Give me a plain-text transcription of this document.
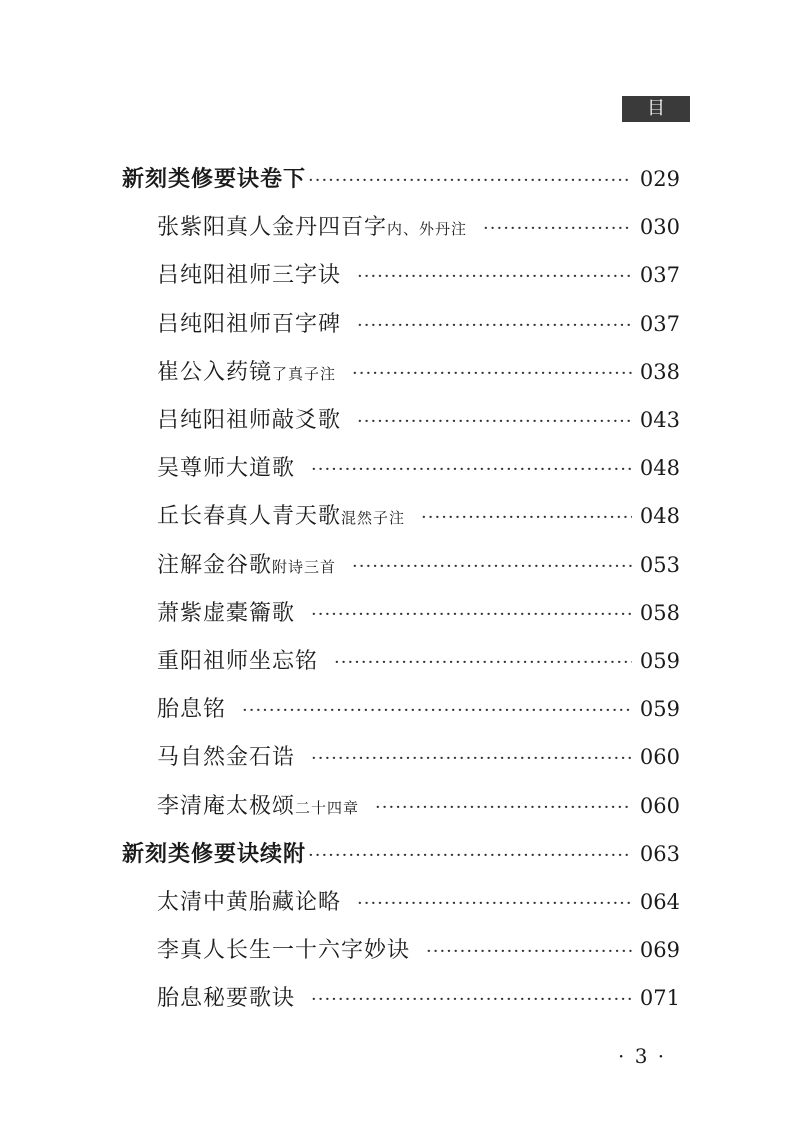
目 录
新刻类修要诀卷下 ·····	029
张紫阳真人金丹四百字 内、外丹注 ·····	030
吕纯阳祖师三字诀 ·····	037
吕纯阳祖师百字碑 ·····	037
崔公入药镜 了真子注 ·····	038
吕纯阳祖师敲爻歌 ·····	043
吴尊师大道歌 ·····	048
丘长春真人青天歌 混然子注 ·····	048
注解金谷歌 附诗三首 ·····	053
萧紫虚橐籥歌 ·····	058
重阳祖师坐忘铭 ·····	059
胎息铭 ·····	059
马自然金石诰 ·····	060
李清庵太极颂 二十四章 ·····	060
新刻类修要诀续附 ·····	063
太清中黄胎藏论略 ·····	064
李真人长生一十六字妙诀 ·····	069
胎息秘要歌诀 ·····	071
· 3 ·
